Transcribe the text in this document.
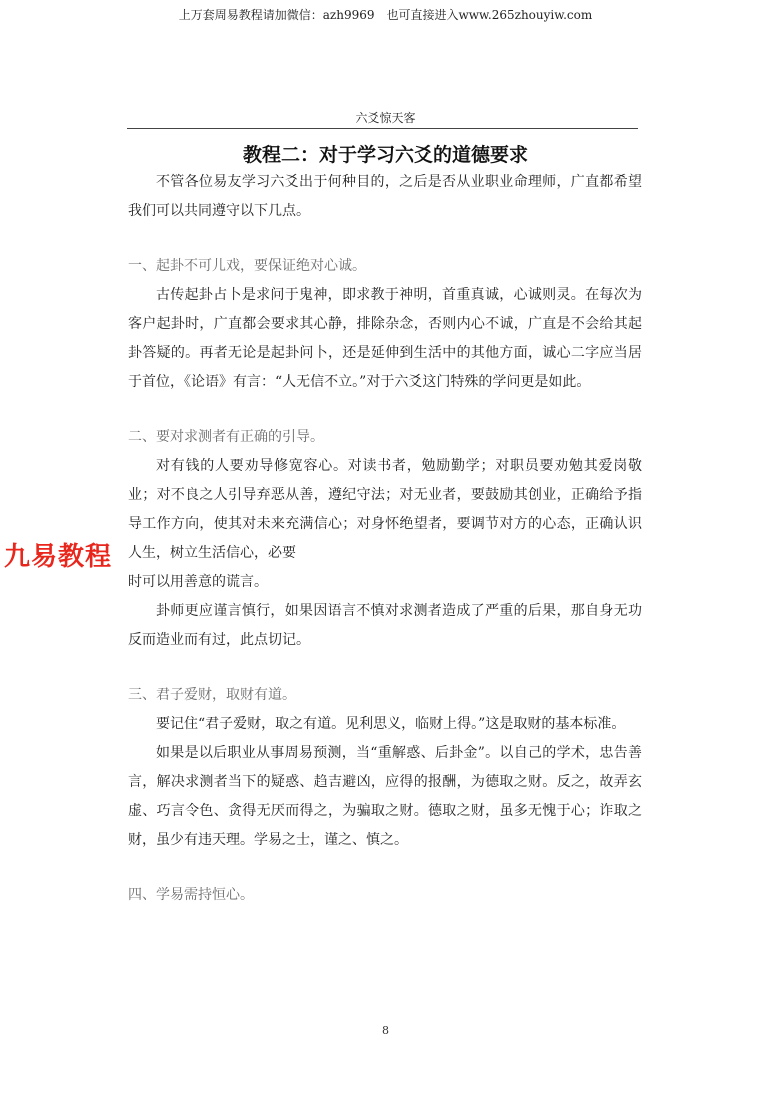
上万套周易教程请加微信：azh9969　也可直接进入www.265zhouyiw.com
六爻惊天客
教程二：对于学习六爻的道德要求

不管各位易友学习六爻出于何种目的，之后是否从业职业命理师，广直都希望我们可以共同遵守以下几点。

一、起卦不可儿戏，要保证绝对心诚。

古传起卦占卜是求问于鬼神，即求教于神明，首重真诚，心诚则灵。在每次为客户起卦时，广直都会要求其心静，排除杂念，否则内心不诚，广直是不会给其起卦答疑的。再者无论是起卦问卜，还是延伸到生活中的其他方面，诚心二字应当居于首位，《论语》有言：“人无信不立。”对于六爻这门特殊的学问更是如此。

二、要对求测者有正确的引导。

对有钱的人要劝导修宽容心。对读书者，勉励勤学；对职员要劝勉其爱岗敬业；对不良之人引导弃恶从善，遵纪守法；对无业者，要鼓励其创业，正确给予指导工作方向，使其对未来充满信心；对身怀绝望者，要调节对方的心态，正确认识人生，树立生活信心，必要

时可以用善意的谎言。

卦师更应谨言慎行，如果因语言不慎对求测者造成了严重的后果，那自身无功反而造业而有过，此点切记。

三、君子爱财，取财有道。

要记住“君子爱财，取之有道。见利思义，临财上得。”这是取财的基本标准。

如果是以后职业从事周易预测，当“重解惑、后卦金”。以自己的学术，忠告善言，解决求测者当下的疑惑、趋吉避凶，应得的报酬，为德取之财。反之，故弄玄虚、巧言令色、贪得无厌而得之，为骗取之财。德取之财，虽多无愧于心；诈取之财，虽少有违天理。学易之士，谨之、慎之。

四、学易需持恒心。

九易教程
8
